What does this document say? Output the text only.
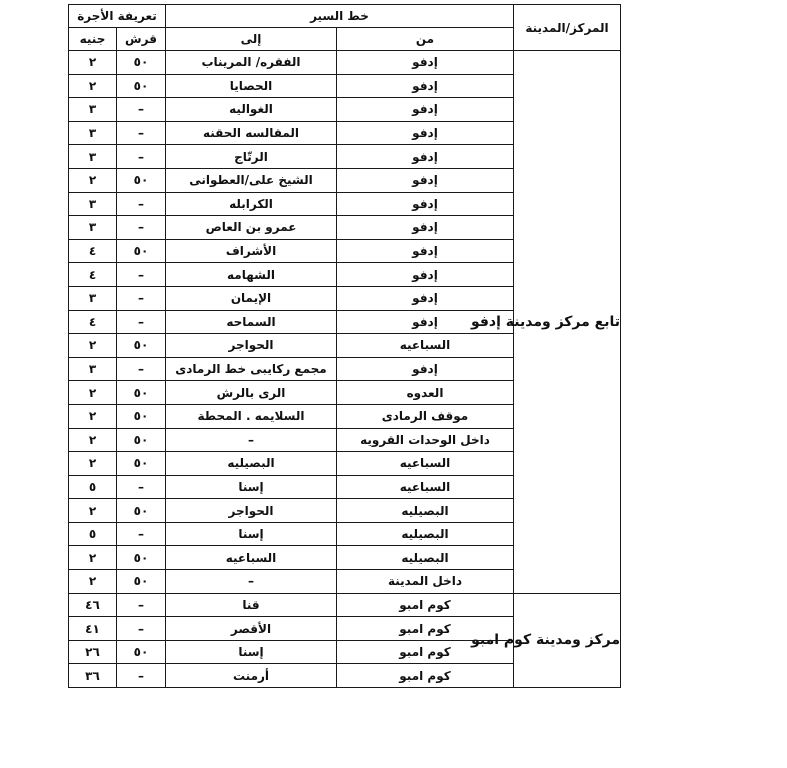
المركز/المدينة	خط السير		تعريفة الأجرة	
	من	إلى	قرش	جنيه
تابع مركز ومدينة إدفو	إدفو	الفقره/ المريناب	٥٠	٢
	إدفو	الحصايا	٥٠	٢
	إدفو	الغواليه	–	٣
	إدفو	المقالسه الحقنه	–	٣
	إدفو	الرتّاج	–	٣
	إدفو	الشيخ على/العطوانى	٥٠	٢
	إدفو	الكرابله	–	٣
	إدفو	عمرو بن العاص	–	٣
	إدفو	الأشراف	٥٠	٤
	إدفو	الشهامه	–	٤
	إدفو	الإيمان	–	٣
	إدفو	السماحه	–	٤
	السباعيه	الحواجر	٥٠	٢
	إدفو	مجمع ركايبى خط الرمادى	–	٣
	العدوه	الرى بالرش	٥٠	٢
	موقف الرمادى	السلايمه . المحطة	٥٠	٢
	داخل الوحدات القرويه	–	٥٠	٢
	السباعيه	البصيليه	٥٠	٢
	السباعيه	إسنا	–	٥
	البصيليه	الحواجر	٥٠	٢
	البصيليه	إسنا	–	٥
	البصيليه	السباعيه	٥٠	٢
	داخل المدينة	–	٥٠	٢
مركز ومدينة كوم امبو	كوم امبو	قنا	–	٤٦
	كوم امبو	الأقصر	–	٤١
	كوم امبو	إسنا	٥٠	٢٦
	كوم امبو	أرمنت	–	٣٦
